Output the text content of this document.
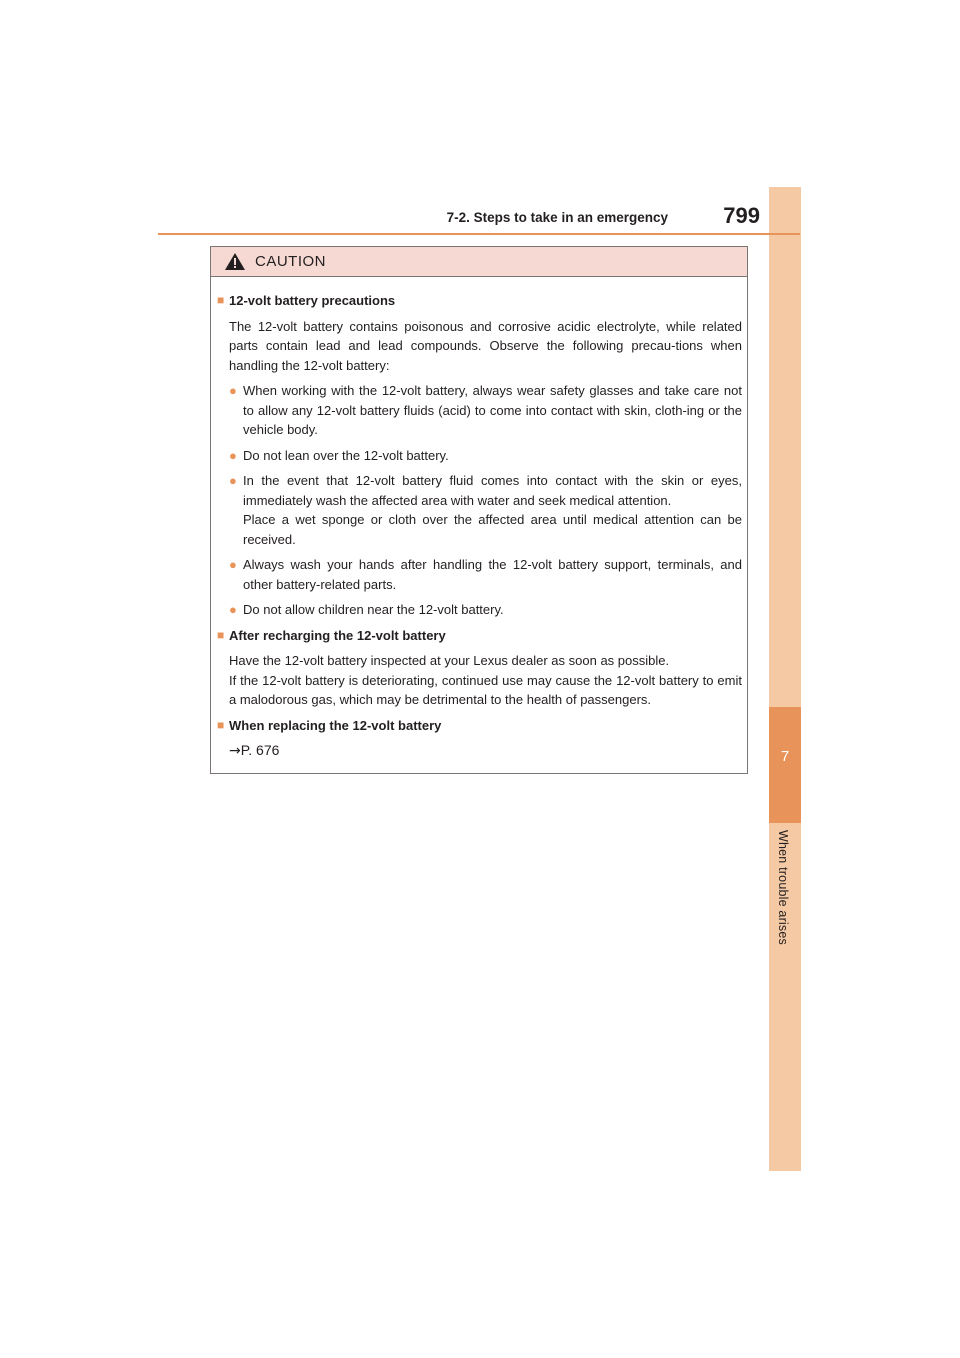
7
When trouble arises
7-2. Steps to take in an emergency	799
CAUTION
■ 12-volt battery precautions
The 12-volt battery contains poisonous and corrosive acidic electrolyte, while related parts contain lead and lead compounds. Observe the following precau-tions when handling the 12-volt battery:
● When working with the 12-volt battery, always wear safety glasses and take care not to allow any 12-volt battery fluids (acid) to come into contact with skin, cloth-ing or the vehicle body.
● Do not lean over the 12-volt battery.
● In the event that 12-volt battery fluid comes into contact with the skin or eyes, immediately wash the affected area with water and seek medical attention.

Place a wet sponge or cloth over the affected area until medical attention can be received.

● Always wash your hands after handling the 12-volt battery support, terminals, and other battery-related parts.
● Do not allow children near the 12-volt battery.
■ After recharging the 12-volt battery
Have the 12-volt battery inspected at your Lexus dealer as soon as possible.
If the 12-volt battery is deteriorating, continued use may cause the 12-volt battery to emit a malodorous gas, which may be detrimental to the health of passengers.
■ When replacing the 12-volt battery
→P. 676
